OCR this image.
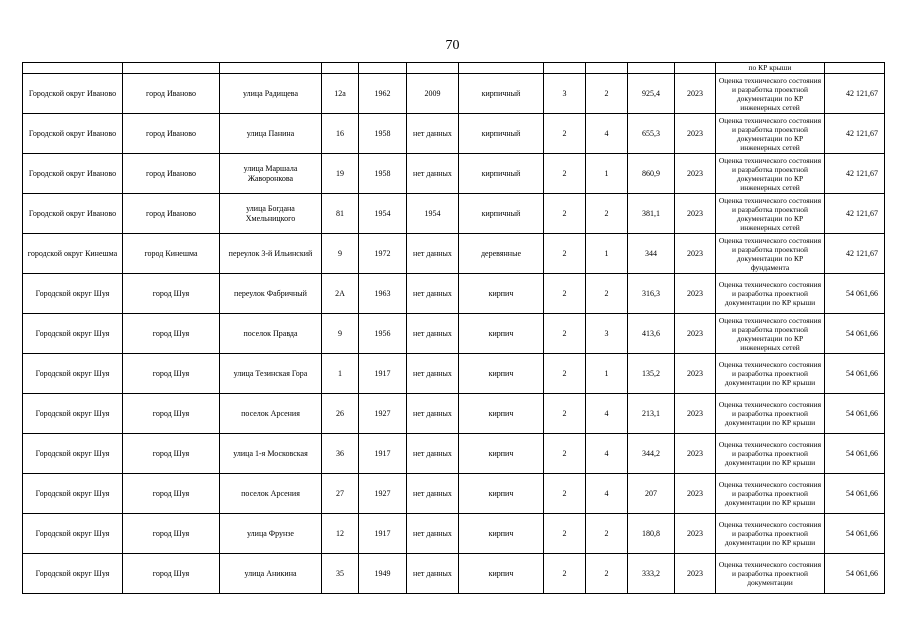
70
											по КР крыши	
Городской округ Иваново	город Иваново	улица Радищева	12а	1962	2009	кирпичный	3	2	925,4	2023	Оценка технического состояния и разработка проектной документации по КР инженерных сетей	42 121,67
Городской округ Иваново	город Иваново	улица Панина	16	1958	нет данных	кирпичный	2	4	655,3	2023	Оценка технического состояния и разработка проектной документации по КР инженерных сетей	42 121,67
Городской округ Иваново	город Иваново	улица Маршала Жаворонкова	19	1958	нет данных	кирпичный	2	1	860,9	2023	Оценка технического состояния и разработка проектной документации по КР инженерных сетей	42 121,67
Городской округ Иваново	город Иваново	улица Богдана Хмельницкого	81	1954	1954	кирпичный	2	2	381,1	2023	Оценка технического состояния и разработка проектной документации по КР инженерных сетей	42 121,67
городской округ Кинешма	город Кинешма	переулок 3-й Ильинский	9	1972	нет данных	деревянные	2	1	344	2023	Оценка технического состояния и разработка проектной документации по КР фундамента	42 121,67
Городской округ Шуя	город Шуя	переулок Фабричный	2А	1963	нет данных	кирпич	2	2	316,3	2023	Оценка технического состояния и разработка проектной документации по КР крыши	54 061,66
Городской округ Шуя	город Шуя	поселок Правда	9	1956	нет данных	кирпич	2	3	413,6	2023	Оценка технического состояния и разработка проектной документации по КР инженерных сетей	54 061,66
Городской округ Шуя	город Шуя	улица Тезинская Гора	1	1917	нет данных	кирпич	2	1	135,2	2023	Оценка технического состояния и разработка проектной документации по КР крыши	54 061,66
Городской округ Шуя	город Шуя	поселок Арсения	26	1927	нет данных	кирпич	2	4	213,1	2023	Оценка технического состояния и разработка проектной документации по КР крыши	54 061,66
Городской округ Шуя	город Шуя	улица 1-я Московская	36	1917	нет данных	кирпич	2	4	344,2	2023	Оценка технического состояния и разработка проектной документации по КР крыши	54 061,66
Городской округ Шуя	город Шуя	поселок Арсения	27	1927	нет данных	кирпич	2	4	207	2023	Оценка технического состояния и разработка проектной документации по КР крыши	54 061,66
Городской округ Шуя	город Шуя	улица Фрунзе	12	1917	нет данных	кирпич	2	2	180,8	2023	Оценка технического состояния и разработка проектной документации по КР крыши	54 061,66
Городской округ Шуя	город Шуя	улица Аникина	35	1949	нет данных	кирпич	2	2	333,2	2023	Оценка технического состояния и разработка проектной документации	54 061,66
